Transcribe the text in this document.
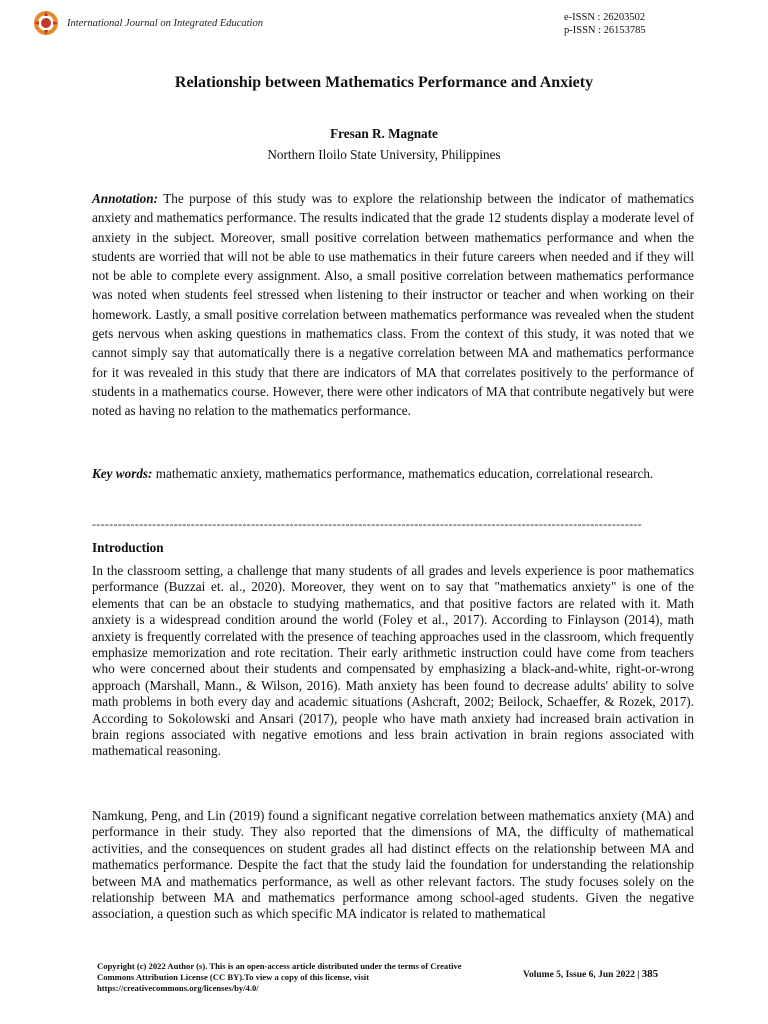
International Journal on Integrated Education
e-ISSN : 26203502
p-ISSN : 26153785
Relationship between Mathematics Performance and Anxiety
Fresan R. Magnate
Northern Iloilo State University, Philippines
Annotation: The purpose of this study was to explore the relationship between the indicator of mathematics anxiety and mathematics performance. The results indicated that the grade 12 students display a moderate level of anxiety in the subject. Moreover, small positive correlation between mathematics performance and when the students are worried that will not be able to use mathematics in their future careers when needed and if they will not be able to complete every assignment. Also, a small positive correlation between mathematics performance was noted when students feel stressed when listening to their instructor or teacher and when working on their homework. Lastly, a small positive correlation between mathematics performance was revealed when the student gets nervous when asking questions in mathematics class. From the context of this study, it was noted that we cannot simply say that automatically there is a negative correlation between MA and mathematics performance for it was revealed in this study that there are indicators of MA that correlates positively to the performance of students in a mathematics course. However, there were other indicators of MA that contribute negatively but were noted as having no relation to the mathematics performance.
Key words: mathematic anxiety, mathematics performance, mathematics education, correlational research.
--------------------------------------------------------------------------------------------------------------------------------
Introduction
In the classroom setting, a challenge that many students of all grades and levels experience is poor mathematics performance (Buzzai et. al., 2020). Moreover, they went on to say that "mathematics anxiety" is one of the elements that can be an obstacle to studying mathematics, and that positive factors are related with it. Math anxiety is a widespread condition around the world (Foley et al., 2017). According to Finlayson (2014), math anxiety is frequently correlated with the presence of teaching approaches used in the classroom, which frequently emphasize memorization and rote recitation. Their early arithmetic instruction could have come from teachers who were concerned about their students and compensated by emphasizing a black-and-white, right-or-wrong approach (Marshall, Mann., & Wilson, 2016). Math anxiety has been found to decrease adults' ability to solve math problems in both every day and academic situations (Ashcraft, 2002; Beilock, Schaeffer, & Rozek, 2017). According to Sokolowski and Ansari (2017), people who have math anxiety had increased brain activation in brain regions associated with negative emotions and less brain activation in brain regions associated with mathematical reasoning.
Namkung, Peng, and Lin (2019) found a significant negative correlation between mathematics anxiety (MA) and performance in their study. They also reported that the dimensions of MA, the difficulty of mathematical activities, and the consequences on student grades all had distinct effects on the relationship between MA and mathematics performance. Despite the fact that the study laid the foundation for understanding the relationship between MA and mathematics performance, as well as other relevant factors. The study focuses solely on the relationship between MA and mathematics performance among school-aged students. Given the negative association, a question such as which specific MA indicator is related to mathematical
Copyright (c) 2022 Author (s). This is an open-access article distributed under the terms of Creative Commons Attribution License (CC BY).To view a copy of this license, visit https://creativecommons.org/licenses/by/4.0/
Volume 5, Issue 6, Jun 2022 | 385
